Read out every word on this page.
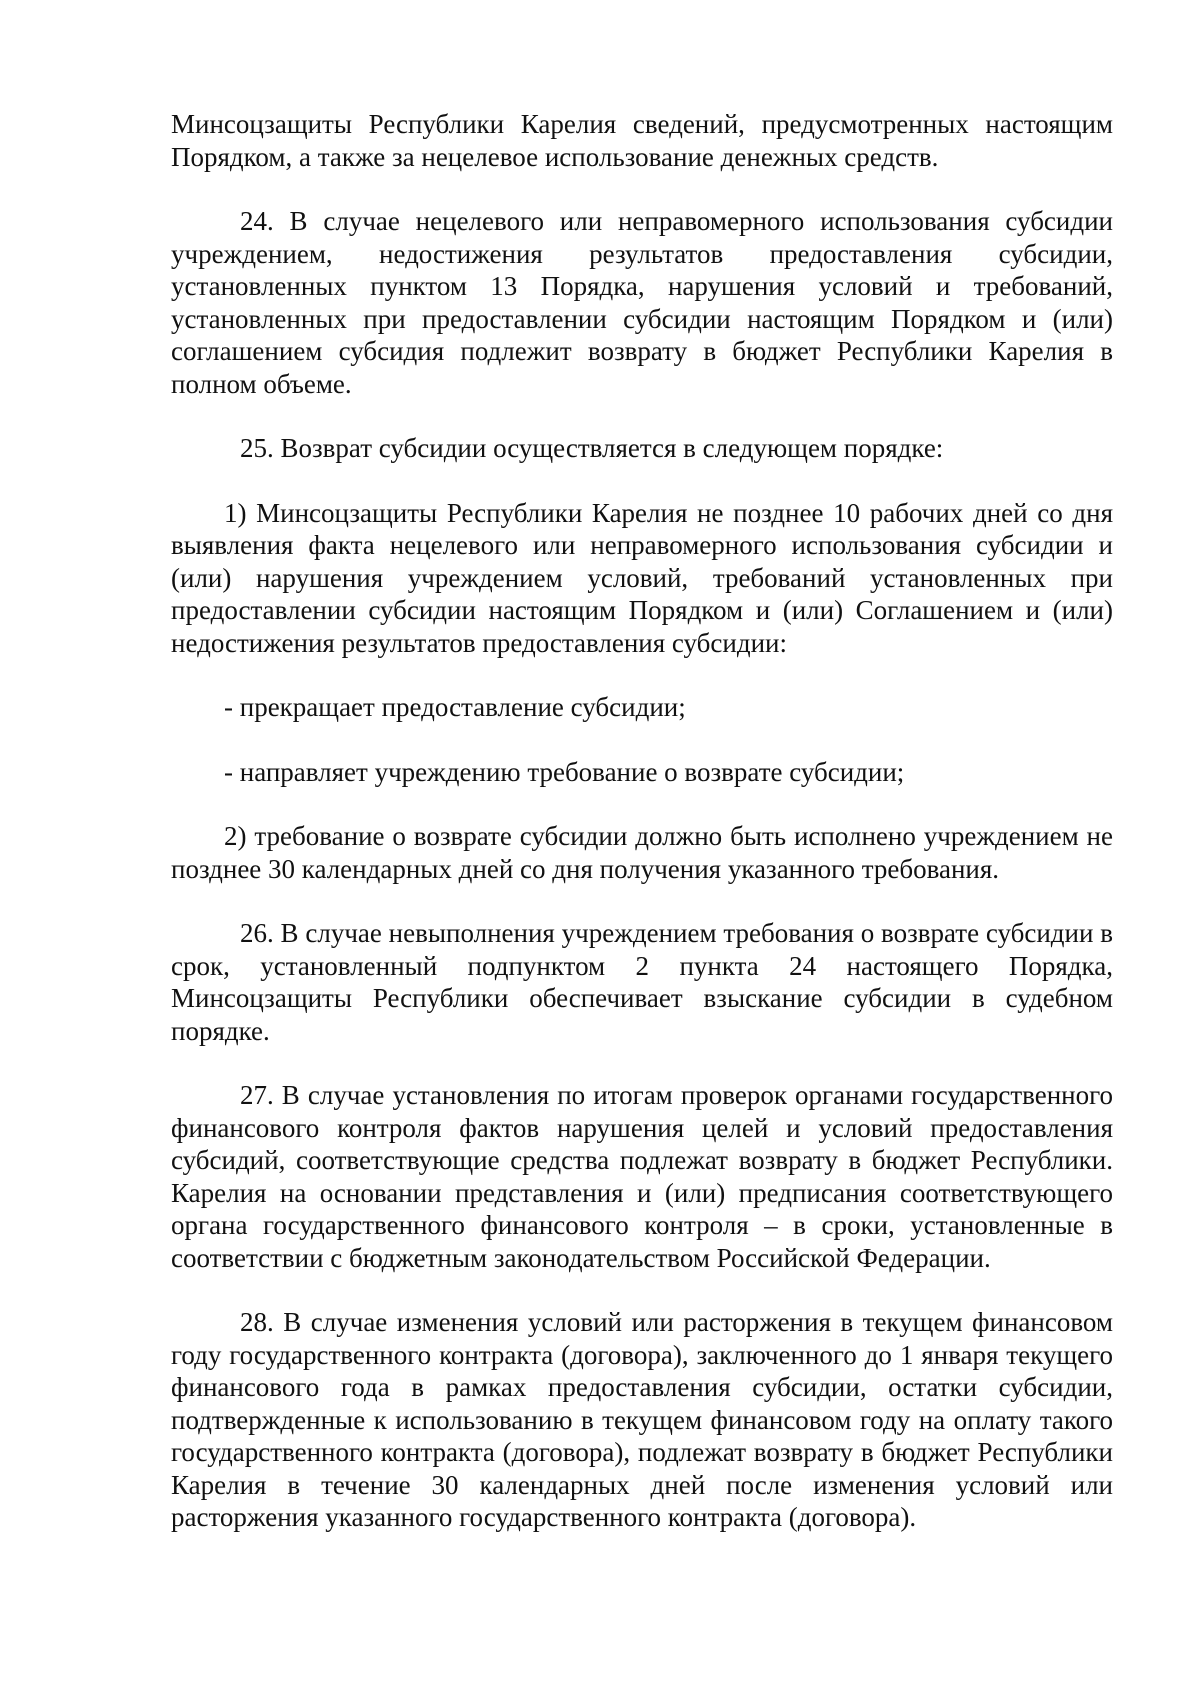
Минсоцзащиты Республики Карелия сведений, предусмотренных настоящим Порядком, а также за нецелевое использование денежных средств.

24. В случае нецелевого или неправомерного использования субсидии учреждением, недостижения результатов предоставления субсидии, установленных пунктом 13 Порядка, нарушения условий и требований, установленных при предоставлении субсидии настоящим Порядком и (или) соглашением субсидия подлежит возврату в бюджет Республики Карелия в полном объеме.

25. Возврат субсидии осуществляется в следующем порядке:

1) Минсоцзащиты Республики Карелия не позднее 10 рабочих дней со дня выявления факта нецелевого или неправомерного использования субсидии и (или) нарушения учреждением условий, требований установленных при предоставлении субсидии настоящим Порядком и (или) Соглашением и (или) недостижения результатов предоставления субсидии:

- прекращает предоставление субсидии;

- направляет учреждению требование о возврате субсидии;

2) требование о возврате субсидии должно быть исполнено учреждением не позднее 30 календарных дней со дня получения указанного требования.

26. В случае невыполнения учреждением требования о возврате субсидии в срок, установленный подпунктом 2 пункта 24 настоящего Порядка, Минсоцзащиты Республики обеспечивает взыскание субсидии в судебном порядке.

27. В случае установления по итогам проверок органами государственного финансового контроля фактов нарушения целей и условий предоставления субсидий, соответствующие средства подлежат возврату в бюджет Республики. Карелия на основании представления и (или) предписания соответствующего органа государственного финансового контроля – в сроки, установленные в соответствии с бюджетным законодательством Российской Федерации.

28. В случае изменения условий или расторжения в текущем финансовом году государственного контракта (договора), заключенного до 1 января текущего финансового года в рамках предоставления субсидии, остатки субсидии, подтвержденные к использованию в текущем финансовом году на оплату такого государственного контракта (договора), подлежат возврату в бюджет Республики Карелия в течение 30 календарных дней после изменения условий или расторжения указанного государственного контракта (договора).
